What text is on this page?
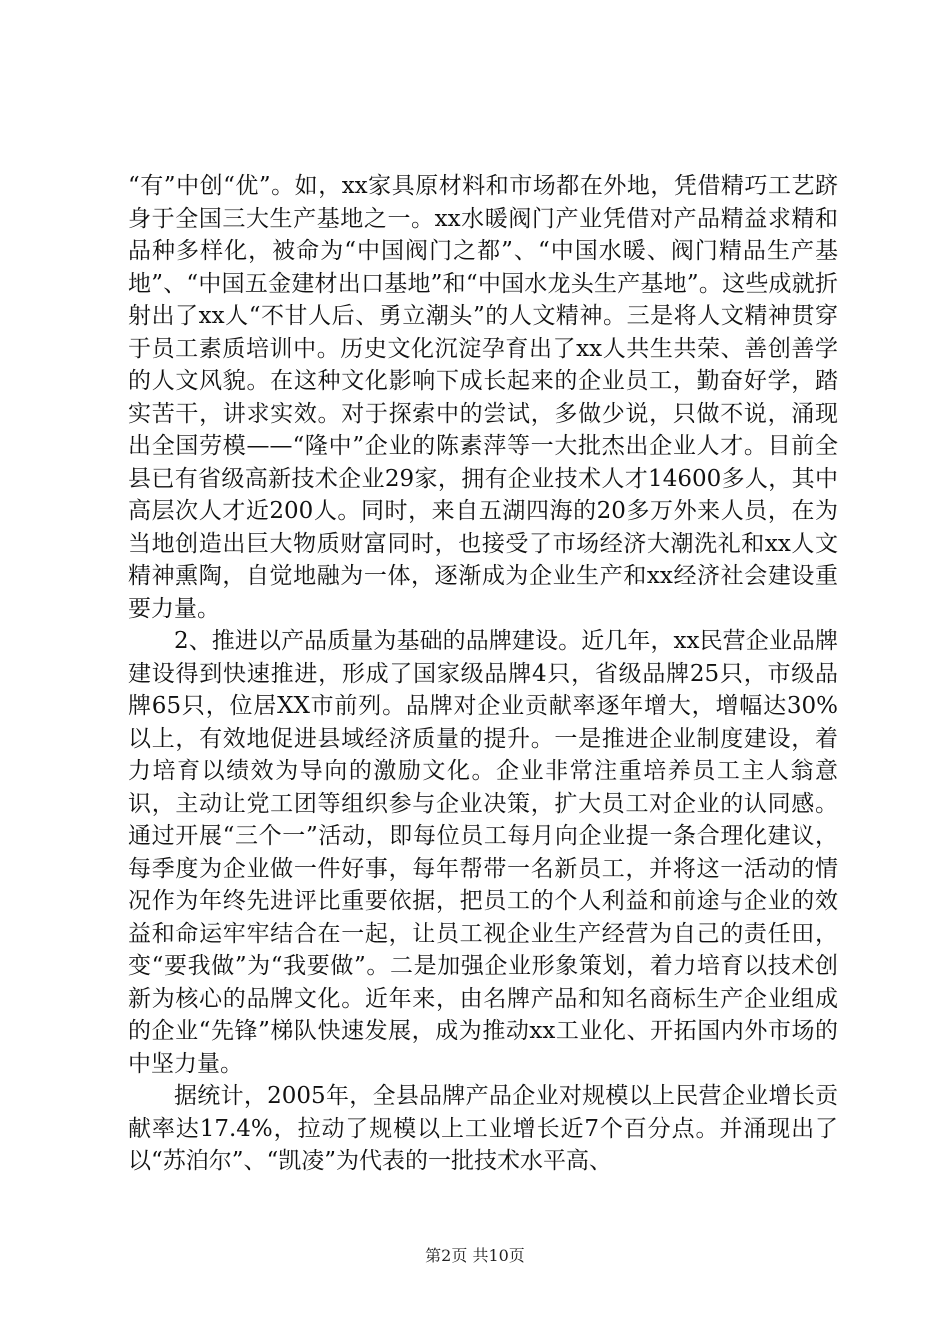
“有”中创“优”。如，xx家具原材料和市场都在外地，凭借精巧工艺跻身于全国三大生产基地之一。xx水暖阀门产业凭借对产品精益求精和品种多样化，被命为“中国阀门之都”、“中国水暖、阀门精品生产基地”、“中国五金建材出口基地”和“中国水龙头生产基地”。这些成就折射出了xx人“不甘人后、勇立潮头”的人文精神。三是将人文精神贯穿于员工素质培训中。历史文化沉淀孕育出了xx人共生共荣、善创善学的人文风貌。在这种文化影响下成长起来的企业员工，勤奋好学，踏实苦干，讲求实效。对于探索中的尝试，多做少说，只做不说，涌现出全国劳模——“隆中”企业的陈素萍等一大批杰出企业人才。目前全县已有省级高新技术企业29家，拥有企业技术人才14600多人，其中高层次人才近200人。同时，来自五湖四海的20多万外来人员，在为当地创造出巨大物质财富同时，也接受了市场经济大潮洗礼和xx人文精神熏陶，自觉地融为一体，逐渐成为企业生产和xx经济社会建设重要力量。

2、推进以产品质量为基础的品牌建设。近几年，xx民营企业品牌建设得到快速推进，形成了国家级品牌4只，省级品牌25只，市级品牌65只，位居XX市前列。品牌对企业贡献率逐年增大，增幅达30%以上，有效地促进县域经济质量的提升。一是推进企业制度建设，着力培育以绩效为导向的激励文化。企业非常注重培养员工主人翁意识，主动让党工团等组织参与企业决策，扩大员工对企业的认同感。通过开展“三个一”活动，即每位员工每月向企业提一条合理化建议，每季度为企业做一件好事，每年帮带一名新员工，并将这一活动的情况作为年终先进评比重要依据，把员工的个人利益和前途与企业的效益和命运牢牢结合在一起，让员工视企业生产经营为自己的责任田，变“要我做”为“我要做”。二是加强企业形象策划，着力培育以技术创新为核心的品牌文化。近年来，由名牌产品和知名商标生产企业组成的企业“先锋”梯队快速发展，成为推动xx工业化、开拓国内外市场的中坚力量。

据统计，2005年，全县品牌产品企业对规模以上民营企业增长贡献率达17.4%，拉动了规模以上工业增长近7个百分点。并涌现出了以“苏泊尔”、“凯凌”为代表的一批技术水平高、

第2页 共10页
